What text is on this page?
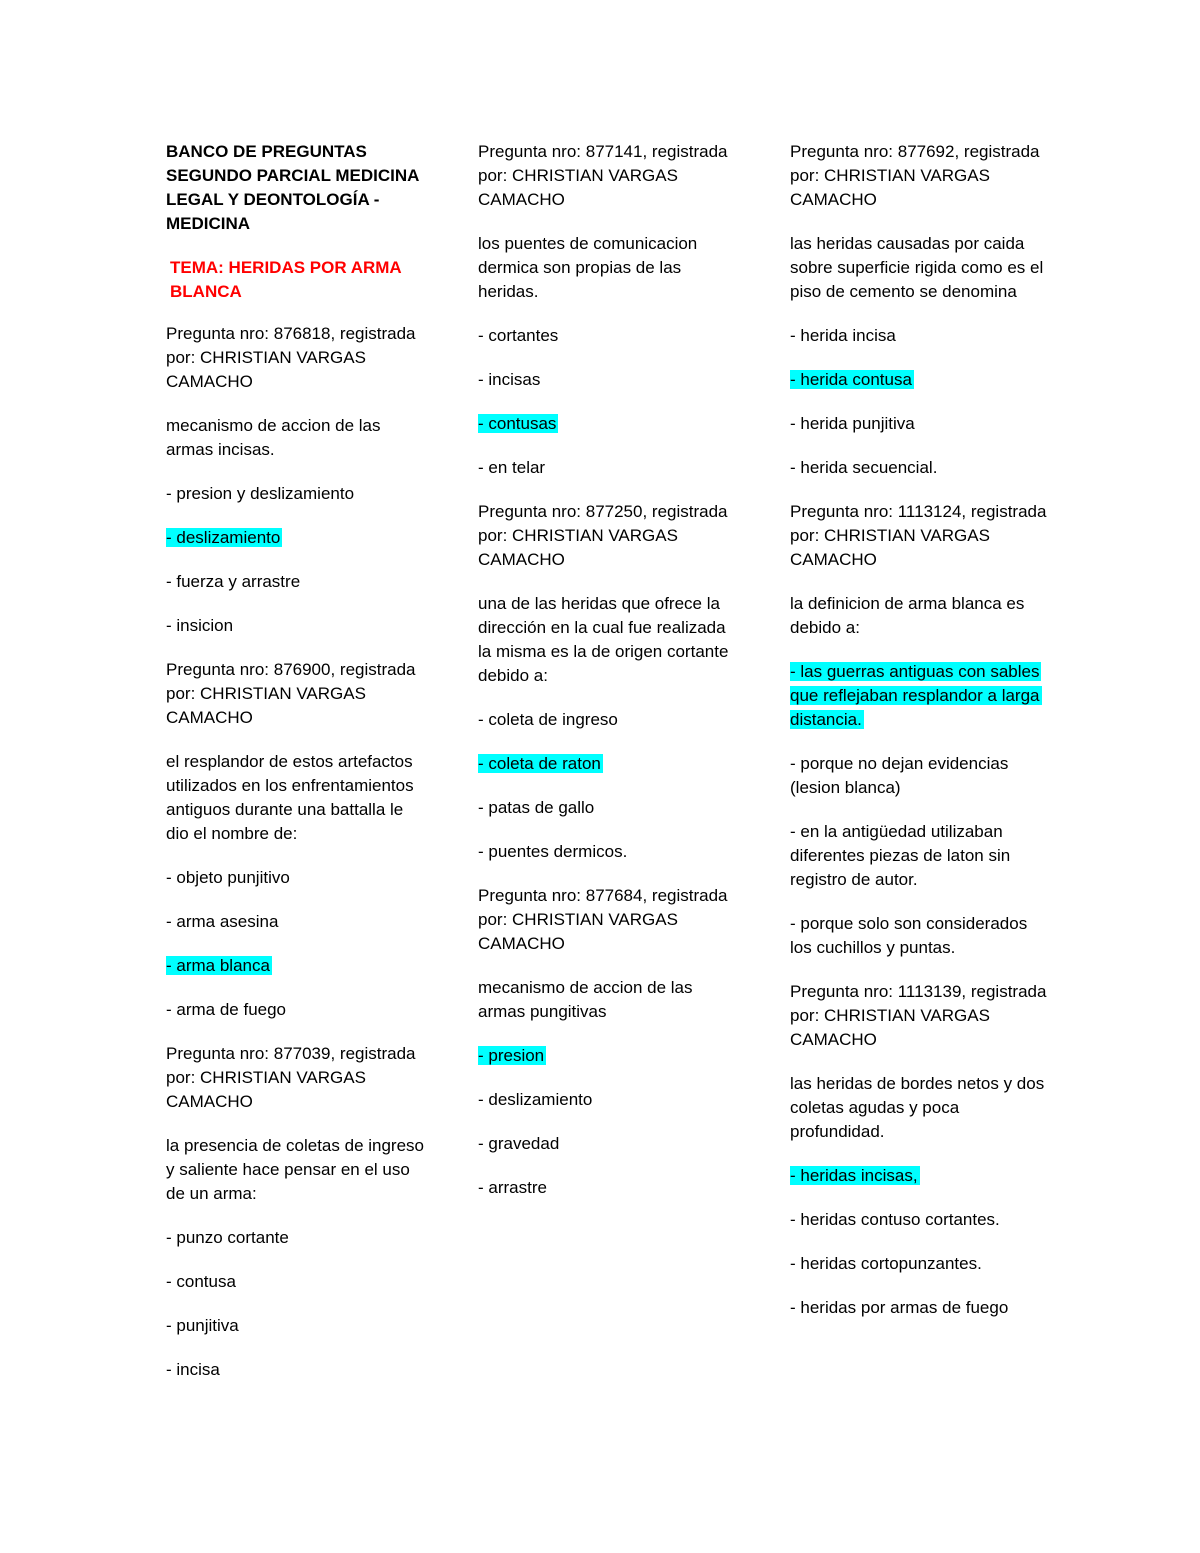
BANCO DE PREGUNTAS SEGUNDO PARCIAL MEDICINA LEGAL Y DEONTOLOGÍA - MEDICINA
TEMA: HERIDAS POR ARMA BLANCA
Pregunta nro: 876818, registrada por: CHRISTIAN VARGAS CAMACHO
mecanismo de accion de las armas incisas.
- presion y deslizamiento
- deslizamiento
- fuerza y arrastre
- insicion
Pregunta nro: 876900, registrada por: CHRISTIAN VARGAS CAMACHO
el resplandor de estos artefactos utilizados en los enfrentamientos antiguos durante una battalla le dio el nombre de:
- objeto punjitivo
- arma asesina
- arma blanca
- arma de fuego
Pregunta nro: 877039, registrada por: CHRISTIAN VARGAS CAMACHO
la presencia de coletas de ingreso y saliente hace pensar en el uso de un arma:
- punzo cortante
- contusa
- punjitiva
- incisa
Pregunta nro: 877141, registrada por: CHRISTIAN VARGAS CAMACHO
los puentes de comunicacion dermica son propias de las heridas.
- cortantes
- incisas
- contusas
- en telar
Pregunta nro: 877250, registrada por: CHRISTIAN VARGAS CAMACHO
una de las heridas que ofrece la dirección en la cual fue realizada la misma es la de origen cortante debido a:
- coleta de ingreso
- coleta de raton
- patas de gallo
- puentes dermicos.
Pregunta nro: 877684, registrada por: CHRISTIAN VARGAS CAMACHO
mecanismo de accion de las armas pungitivas
- presion
- deslizamiento
- gravedad
- arrastre
Pregunta nro: 877692, registrada por: CHRISTIAN VARGAS CAMACHO
las heridas causadas por caida sobre superficie rigida como es el piso de cemento se denomina
- herida incisa
- herida contusa
- herida punjitiva
- herida secuencial.
Pregunta nro: 1113124, registrada por: CHRISTIAN VARGAS CAMACHO
la definicion de arma blanca es debido a:
- las guerras antiguas con sables que reflejaban resplandor a larga distancia.
- porque no dejan evidencias (lesion blanca)
- en la antigüedad utilizaban diferentes piezas de laton sin registro de autor.
- porque solo son considerados los cuchillos y puntas.
Pregunta nro: 1113139, registrada por: CHRISTIAN VARGAS CAMACHO
las heridas de bordes netos y dos coletas agudas y poca profundidad.
- heridas incisas,
- heridas contuso cortantes.
- heridas cortopunzantes.
- heridas por armas de fuego
